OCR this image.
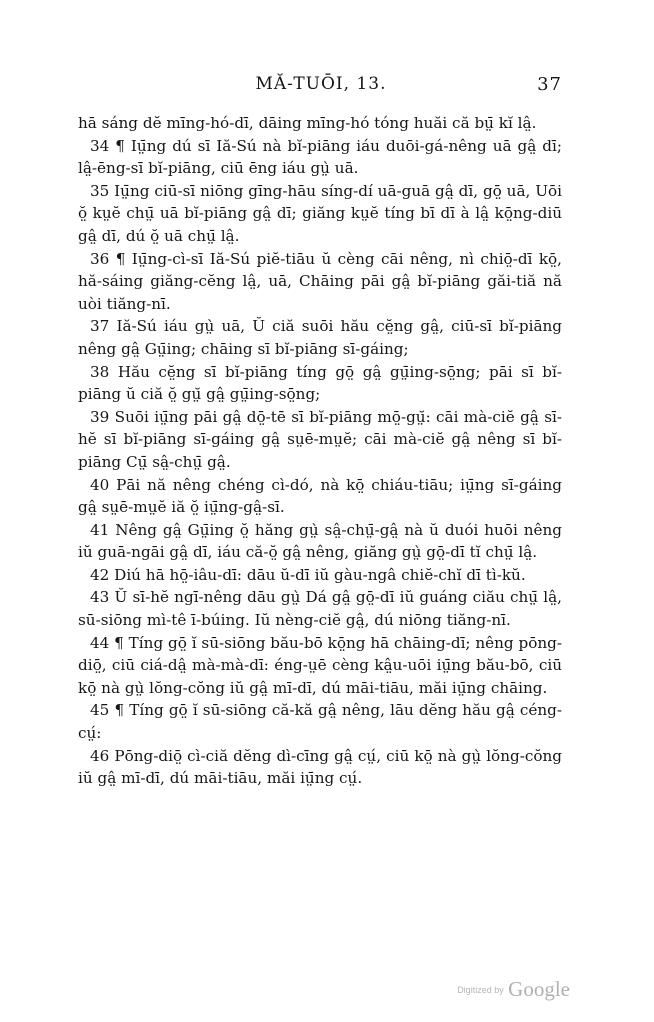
MĂ-TUŌI, 13.	37

hā sáng dĕ mīng-hó-dī, dāing mīng-hó tóng huăi că bṳ̄ kĭ lâ̤.

34 ¶ Iṳ̄ng dú sī Iă-Sú nà bĭ-piāng iáu duōi-gá-nêng uā gâ̤ dī; lâ̤-ēng-sī bĭ-piāng, ciū ēng iáu gṳ̀ uā.

35 Iṳ̄ng ciū-sī niōng gīng-hāu síng-dí uā-guā gâ̤ dī, gō̤ uā, Uōi ŏ̤ kṳĕ chṳ̄ uā bĭ-piāng gâ̤ dī; giăng kṳĕ tíng bī dī à lâ̤ kō̤ng-diū gâ̤ dī, dú ŏ̤ uā chṳ̄ lâ̤.

36 ¶ Iṳ̄ng-cì-sī Iă-Sú piĕ-tiāu ŭ cèng cāi nêng, nì chiō̤-dī kō̤, hă-sáing giăng-cĕng lâ̤, uā, Chāing pāi gâ̤ bĭ-piāng găi-tiă nă uòi tiăng-nī.

37 Iă-Sú iáu gṳ̀ uā, Ŭ ciă suōi hău cĕ̤ng gâ̤, ciū-sī bĭ-piāng nêng gâ̤ Gṳ̄ing; chāing sī bĭ-piāng sī-gáing;

38 Hău cĕ̤ng sī bĭ-piāng tíng gō̤ gâ̤ gṳ̄ing-sō̤ng; pāi sī bĭ-piāng ŭ ciă ŏ̤ gṳ̆ gâ̤ gṳ̄ing-sō̤ng;

39 Suōi iṳ̄ng pāi gâ̤ dō̤-tē sī bĭ-piāng mō̤-gṳ̆: cāi mà-ciĕ gâ̤ sī-hĕ sī bĭ-piāng sī-gáing gâ̤ sṳē-mṳĕ; cāi mà-ciĕ gâ̤ nêng sī bĭ-piāng Cṳ̄ sâ̤-chṳ̄ gâ̤.

40 Pāi nă nêng chéng cì-dó, nà kō̤ chiáu-tiāu; iṳ̄ng sī-gáing gâ̤ sṳē-mṳĕ iă ŏ̤ iṳ̄ng-gâ̤-sī.

41 Nêng gâ̤ Gṳ̄ing ŏ̤ hăng gṳ̀ sâ̤-chṳ̄-gâ̤ nà ŭ duói huōi nêng iŭ guā-ngāi gâ̤ dī, iáu că-ŏ̤ gâ̤ nêng, giăng gṳ̀ gō̤-dī tĭ chṳ̄ lâ̤.

42 Diú hā hō̤-iâu-dī: dāu ŭ-dī iŭ gàu-ngâ chiĕ-chĭ dī tì-kŭ.

43 Ŭ sī-hĕ ngī-nêng dāu gṳ̀ Dá gâ̤ gō̤-dī iŭ guáng ciău chṳ̄ lâ̤, sū-siōng mì-tê ī-búing. Iŭ nèng-ciĕ gâ̤, dú niōng tiăng-nī.

44 ¶ Tíng gō̤ ĭ sū-siōng bău-bō kō̤ng hā chāing-dī; nêng pōng-diō̤, ciū ciá-dâ̤ mà-mà-dī: éng-ṳē cèng kâ̤u-uōi iṳ̄ng bău-bō, ciū kō̤ nà gṳ̀ lŏng-cŏng iŭ gâ̤ mī-dī, dú māi-tiāu, măi iṳ̄ng chāing.

45 ¶ Tíng gō̤ ĭ sū-siōng că-kă gâ̤ nêng, lāu dĕng hău gâ̤ céng-cṳ́:

46 Pōng-diō̤ cì-ciă dĕng dì-cīng gâ̤ cṳ́, ciū kō̤ nà gṳ̀ lŏng-cŏng iŭ gâ̤ mī-dī, dú māi-tiāu, măi iṳ̄ng cṳ́.

Digitized by Google
